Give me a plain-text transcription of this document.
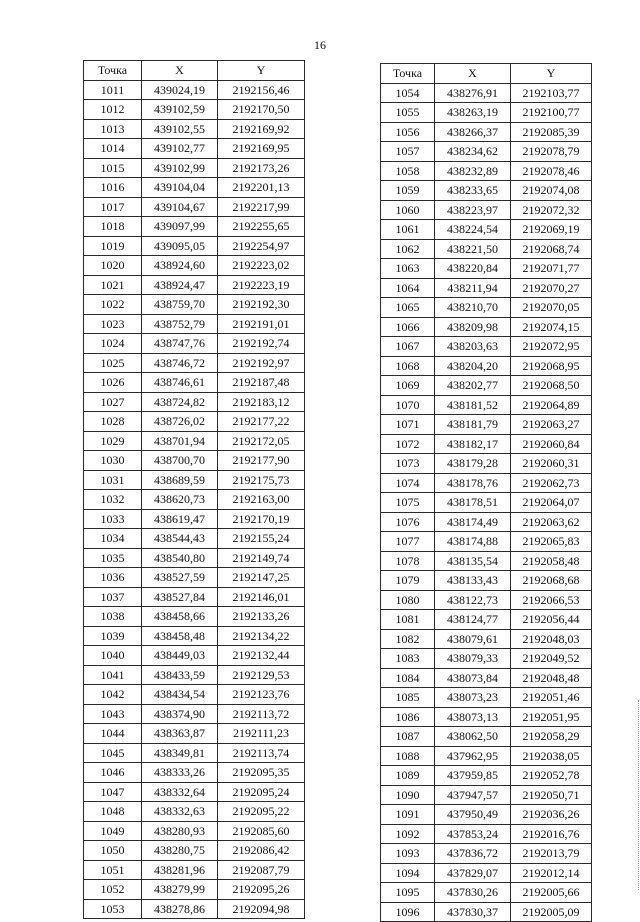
16
Точка	X	Y
1011	439024,19	2192156,46
1012	439102,59	2192170,50
1013	439102,55	2192169,92
1014	439102,77	2192169,95
1015	439102,99	2192173,26
1016	439104,04	2192201,13
1017	439104,67	2192217,99
1018	439097,99	2192255,65
1019	439095,05	2192254,97
1020	438924,60	2192223,02
1021	438924,47	2192223,19
1022	438759,70	2192192,30
1023	438752,79	2192191,01
1024	438747,76	2192192,74
1025	438746,72	2192192,97
1026	438746,61	2192187,48
1027	438724,82	2192183,12
1028	438726,02	2192177,22
1029	438701,94	2192172,05
1030	438700,70	2192177,90
1031	438689,59	2192175,73
1032	438620,73	2192163,00
1033	438619,47	2192170,19
1034	438544,43	2192155,24
1035	438540,80	2192149,74
1036	438527,59	2192147,25
1037	438527,84	2192146,01
1038	438458,66	2192133,26
1039	438458,48	2192134,22
1040	438449,03	2192132,44
1041	438433,59	2192129,53
1042	438434,54	2192123,76
1043	438374,90	2192113,72
1044	438363,87	2192111,23
1045	438349,81	2192113,74
1046	438333,26	2192095,35
1047	438332,64	2192095,24
1048	438332,63	2192095,22
1049	438280,93	2192085,60
1050	438280,75	2192086,42
1051	438281,96	2192087,79
1052	438279,99	2192095,26
1053	438278,86	2192094,98
Точка	X	Y
1054	438276,91	2192103,77
1055	438263,19	2192100,77
1056	438266,37	2192085,39
1057	438234,62	2192078,79
1058	438232,89	2192078,46
1059	438233,65	2192074,08
1060	438223,97	2192072,32
1061	438224,54	2192069,19
1062	438221,50	2192068,74
1063	438220,84	2192071,77
1064	438211,94	2192070,27
1065	438210,70	2192070,05
1066	438209,98	2192074,15
1067	438203,63	2192072,95
1068	438204,20	2192068,95
1069	438202,77	2192068,50
1070	438181,52	2192064,89
1071	438181,79	2192063,27
1072	438182,17	2192060,84
1073	438179,28	2192060,31
1074	438178,76	2192062,73
1075	438178,51	2192064,07
1076	438174,49	2192063,62
1077	438174,88	2192065,83
1078	438135,54	2192058,48
1079	438133,43	2192068,68
1080	438122,73	2192066,53
1081	438124,77	2192056,44
1082	438079,61	2192048,03
1083	438079,33	2192049,52
1084	438073,84	2192048,48
1085	438073,23	2192051,46
1086	438073,13	2192051,95
1087	438062,50	2192058,29
1088	437962,95	2192038,05
1089	437959,85	2192052,78
1090	437947,57	2192050,71
1091	437950,49	2192036,26
1092	437853,24	2192016,76
1093	437836,72	2192013,79
1094	437829,07	2192012,14
1095	437830,26	2192005,66
1096	437830,37	2192005,09
